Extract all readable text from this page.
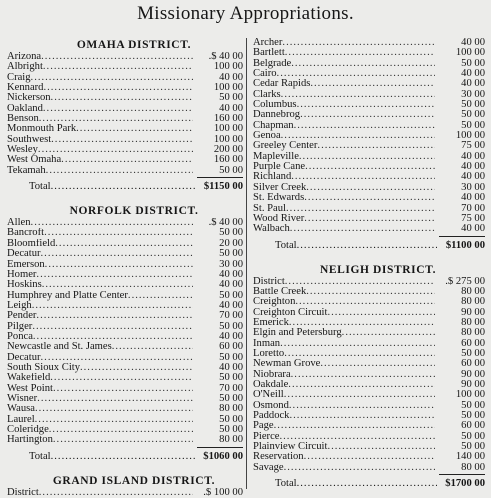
Missionary Appropriations.
OMAHA DISTRICT.
Arizona .....	.$ 40 00
Albright .....	100 00
Craig .....	40 00
Kennard .....	100 00
Nickerson .....	50 00
Oakland .....	40 00
Benson .....	160 00
Monmouth Park .....	100 00
Southwest .....	100 00
Wesley .....	200 00
West Omaha .....	160 00
Tekamah .....	50 00
Total .....	$1150 00
NORFOLK DISTRICT.
Allen .....	.$ 40 00
Bancroft .....	50 00
Bloomfield .....	20 00
Decatur .....	50 00
Emerson .....	30 00
Homer .....	40 00
Hoskins .....	40 00
Humphrey and Platte Center .....	50 00
Leigh .....	40 00
Pender .....	70 00
Pilger .....	50 00
Ponca .....	40 00
Newcastle and St. James .....	60 00
Decatur .....	50 00
South Sioux City .....	40 00
Wakefield .....	50 00
West Point .....	70 00
Wisner .....	50 00
Wausa .....	80 00
Laurel .....	50 00
Coleridge .....	50 00
Hartington .....	80 00
Total .....	$1060 00
GRAND ISLAND DISTRICT.
District .....	.$ 100 00
Archer .....	40 00
Bartlett .....	100 00
Belgrade .....	50 00
Cairo .....	40 00
Cedar Rapids .....	40 00
Clarks .....	30 00
Columbus .....	50 00
Dannebrog .....	50 00
Chapman .....	50 00
Genoa .....	100 00
Greeley Center .....	75 00
Mapleville .....	40 00
Purple Cane .....	40 00
Richland .....	40 00
Silver Creek .....	30 00
St. Edwards .....	40 00
St. Paul .....	70 00
Wood River .....	75 00
Walbach .....	40 00
Total .....	$1100 00
NELIGH DISTRICT.
District .....	.$ 275 00
Battle Creek .....	80 00
Creighton .....	80 00
Creighton Circuit .....	90 00
Emerick .....	80 00
Elgin and Petersburg .....	80 00
Inman .....	60 00
Loretto .....	50 00
Newman Grove .....	60 00
Niobrara .....	90 00
Oakdale .....	90 00
O'Neill .....	100 00
Osmond .....	50 00
Paddock .....	50 00
Page .....	60 00
Pierce .....	50 00
Plainview Circuit .....	50 00
Reservation .....	140 00
Savage .....	80 00
Total .....	$1700 00
